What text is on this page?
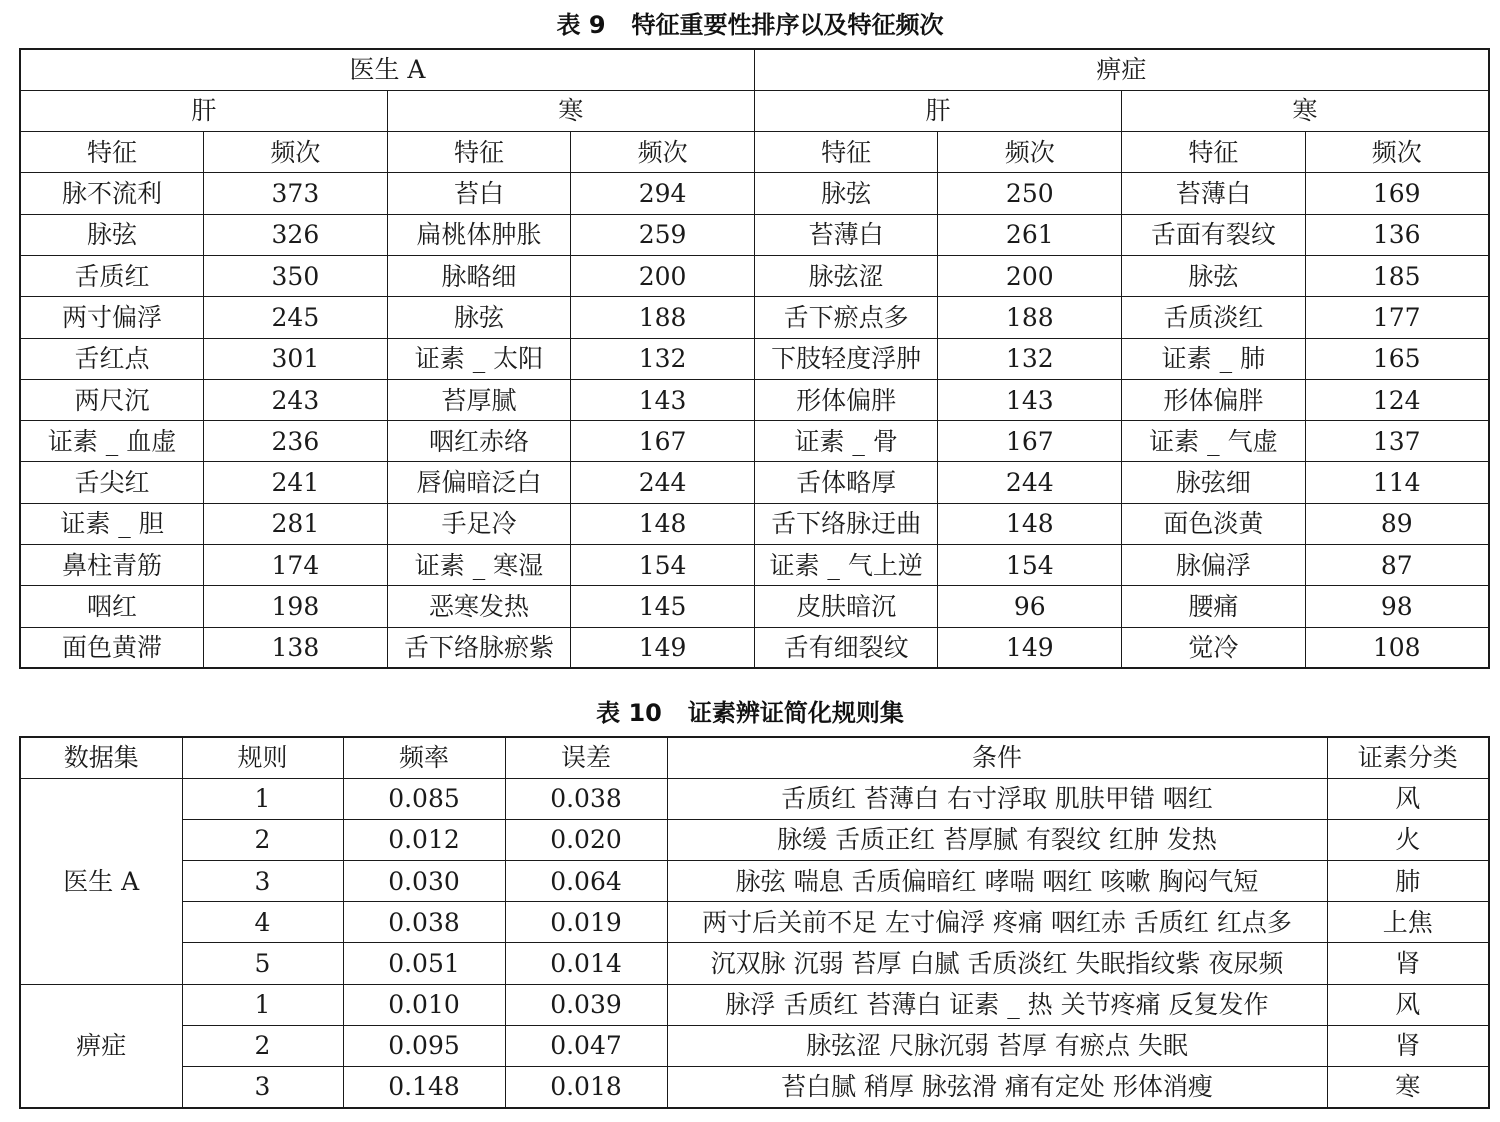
表 9 特征重要性排序以及特征频次
医生 A				痹症			
肝		寒		肝		寒	
特征	频次	特征	频次	特征	频次	特征	频次
脉不流利	373	苔白	294	脉弦	250	苔薄白	169
脉弦	326	扁桃体肿胀	259	苔薄白	261	舌面有裂纹	136
舌质红	350	脉略细	200	脉弦涩	200	脉弦	185
两寸偏浮	245	脉弦	188	舌下瘀点多	188	舌质淡红	177
舌红点	301	证素 _ 太阳	132	下肢轻度浮肿	132	证素 _ 肺	165
两尺沉	243	苔厚腻	143	形体偏胖	143	形体偏胖	124
证素 _ 血虚	236	咽红赤络	167	证素 _ 骨	167	证素 _ 气虚	137
舌尖红	241	唇偏暗泛白	244	舌体略厚	244	脉弦细	114
证素 _ 胆	281	手足冷	148	舌下络脉迂曲	148	面色淡黄	89
鼻柱青筋	174	证素 _ 寒湿	154	证素 _ 气上逆	154	脉偏浮	87
咽红	198	恶寒发热	145	皮肤暗沉	96	腰痛	98
面色黄滞	138	舌下络脉瘀紫	149	舌有细裂纹	149	觉冷	108
表 10 证素辨证简化规则集
数据集	规则	频率	误差	条件	证素分类
医生 A	1	0.085	0.038	舌质红 苔薄白 右寸浮取 肌肤甲错 咽红	风
	2	0.012	0.020	脉缓 舌质正红 苔厚腻 有裂纹 红肿 发热	火
	3	0.030	0.064	脉弦 喘息 舌质偏暗红 哮喘 咽红 咳嗽 胸闷气短	肺
	4	0.038	0.019	两寸后关前不足 左寸偏浮 疼痛 咽红赤 舌质红 红点多	上焦
	5	0.051	0.014	沉双脉 沉弱 苔厚 白腻 舌质淡红 失眠指纹紫 夜尿频	肾
痹症	1	0.010	0.039	脉浮 舌质红 苔薄白 证素 _ 热 关节疼痛 反复发作	风
	2	0.095	0.047	脉弦涩 尺脉沉弱 苔厚 有瘀点 失眠	肾
	3	0.148	0.018	苔白腻 稍厚 脉弦滑 痛有定处 形体消瘦	寒
